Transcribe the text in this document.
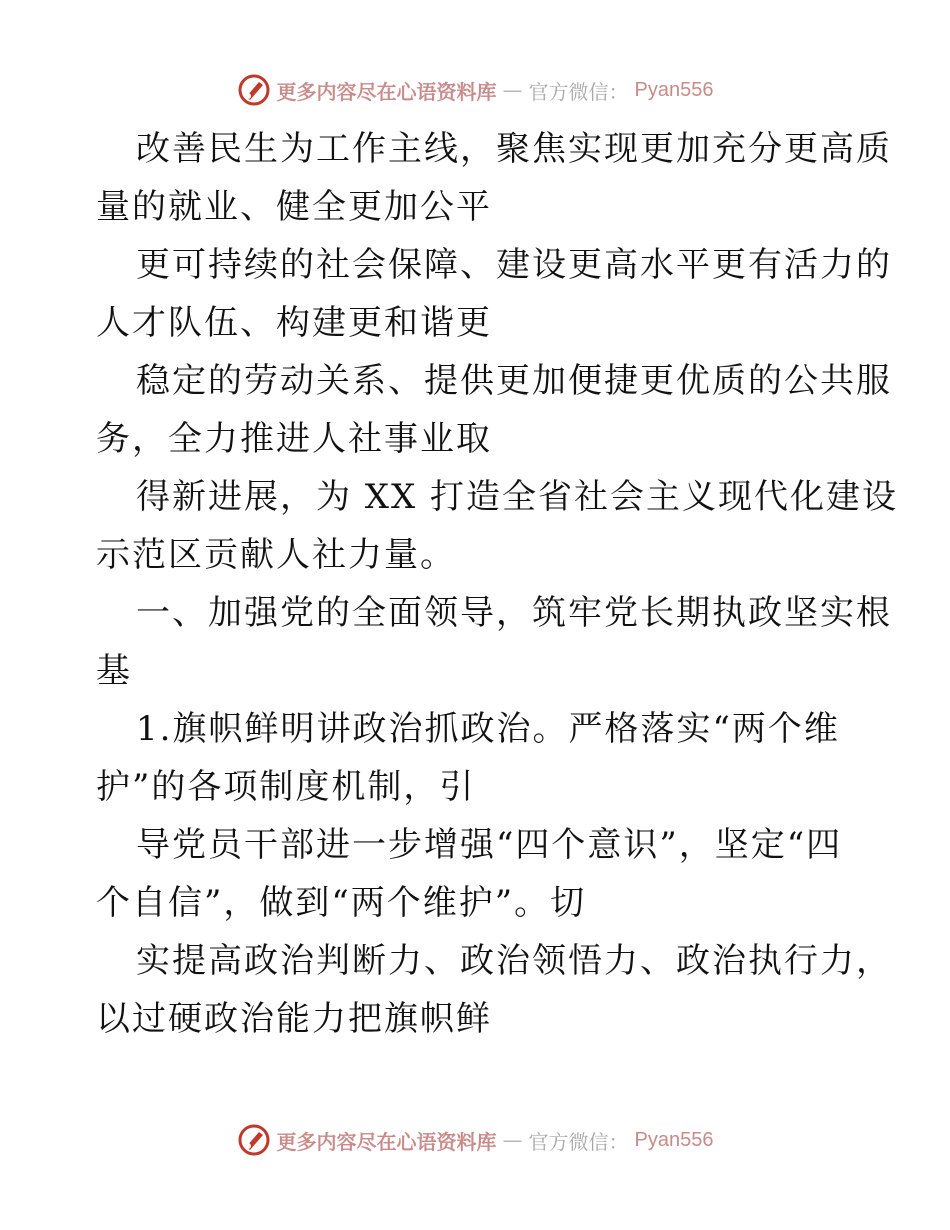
更多内容尽在心语资料库 — 官方微信： Pyan556

改善民生为工作主线，聚焦实现更加充分更高质
量的就业、健全更加公平

更可持续的社会保障、建设更高水平更有活力的
人才队伍、构建更和谐更

稳定的劳动关系、提供更加便捷更优质的公共服
务，全力推进人社事业取

得新进展，为 XX 打造全省社会主义现代化建设
示范区贡献人社力量。

一、加强党的全面领导，筑牢党长期执政坚实根
基

1.旗帜鲜明讲政治抓政治。严格落实“两个维
护”的各项制度机制，引

导党员干部进一步增强“四个意识”，坚定“四
个自信”，做到“两个维护”。切

实提高政治判断力、政治领悟力、政治执行力，
以过硬政治能力把旗帜鲜

更多内容尽在心语资料库 — 官方微信： Pyan556
